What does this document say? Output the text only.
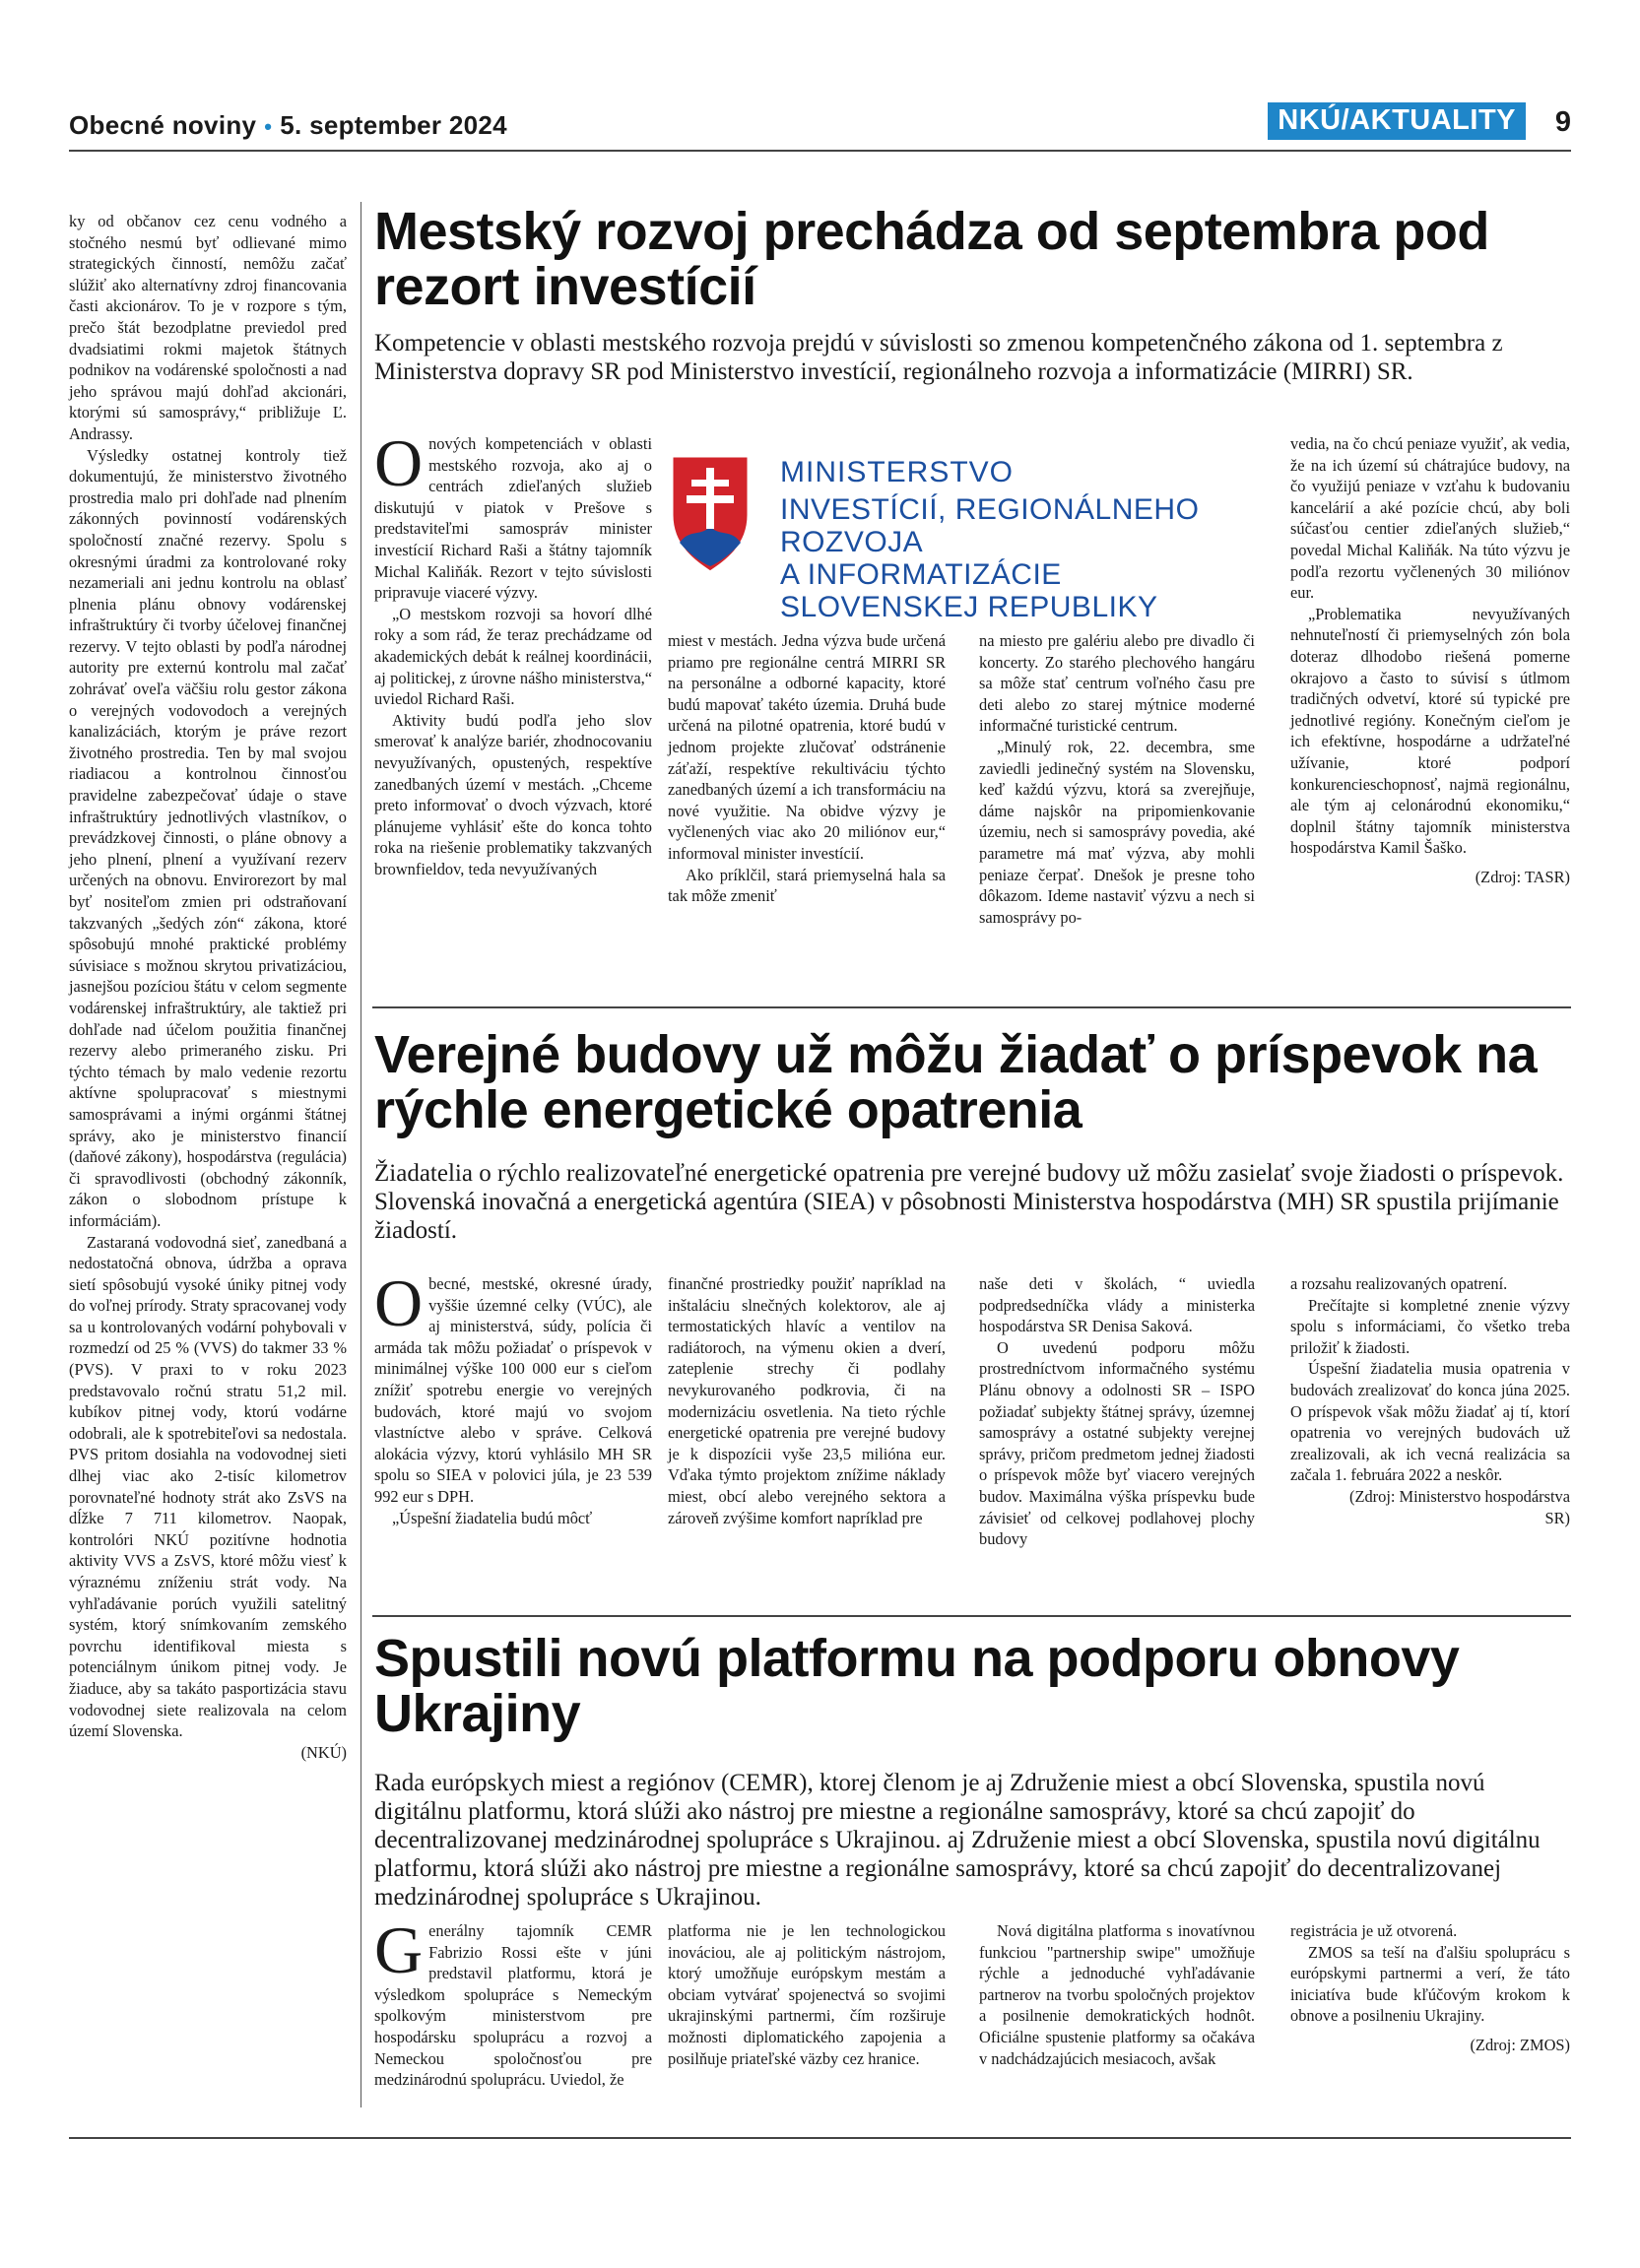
Obecné noviny • 5. september 2024	NKÚ/AKTUALITY	9

ky od občanov cez cenu vodného a stočného nesmú byť odlievané mimo strategických činností, nemôžu začať slúžiť ako alternatívny zdroj financovania časti akcionárov. To je v rozpore s tým, prečo štát bezodplatne previedol pred dvadsiatimi rokmi majetok štátnych podnikov na vodárenské spoločnosti a nad jeho správou majú dohľad akcionári, ktorými sú samosprávy,“ približuje Ľ. Andrassy.

Výsledky ostatnej kontroly tiež dokumentujú, že ministerstvo životného prostredia malo pri dohľade nad plnením zákonných povinností vodárenských spoločností značné rezervy. Spolu s okresnými úradmi za kontrolované roky nezameriali ani jednu kontrolu na oblasť plnenia plánu obnovy vodárenskej infraštruktúry či tvorby účelovej finančnej rezervy. V tejto oblasti by podľa národnej autority pre externú kontrolu mal začať zohrávať oveľa väčšiu rolu gestor zákona o verejných vodovodoch a verejných kanalizáciách, ktorým je práve rezort životného prostredia. Ten by mal svojou riadiacou a kontrolnou činnosťou pravidelne zabezpečovať údaje o stave infraštruktúry jednotlivých vlastníkov, o prevádzkovej činnosti, o pláne obnovy a jeho plnení, plnení a využívaní rezerv určených na obnovu. Envirorezort by mal byť nositeľom zmien pri odstraňovaní takzvaných „šedých zón“ zákona, ktoré spôsobujú mnohé praktické problémy súvisiace s možnou skrytou privatizáciou, jasnejšou pozíciou štátu v celom segmente vodárenskej infraštruktúry, ale taktiež pri dohľade nad účelom použitia finančnej rezervy alebo primeraného zisku. Pri týchto témach by malo vedenie rezortu aktívne spolupracovať s miestnymi samosprávami a inými orgánmi štátnej správy, ako je ministerstvo financií (daňové zákony), hospodárstva (regulácia) či spravodlivosti (obchodný zákonník, zákon o slobodnom prístupe k informáciám).

Zastaraná vodovodná sieť, zanedbaná a nedostatočná obnova, údržba a oprava sietí spôsobujú vysoké úniky pitnej vody do voľnej prírody. Straty spracovanej vody sa u kontrolovaných vodární pohybovali v rozmedzí od 25 % (VVS) do takmer 33 % (PVS). V praxi to v roku 2023 predstavovalo ročnú stratu 51,2 mil. kubíkov pitnej vody, ktorú vodárne odobrali, ale k spotrebiteľovi sa nedostala. PVS pritom dosiahla na vodovodnej sieti dlhej viac ako 2-tisíc kilometrov porovnateľné hodnoty strát ako ZsVS na dĺžke 7 711 kilometrov. Naopak, kontrolóri NKÚ pozitívne hodnotia aktivity VVS a ZsVS, ktoré môžu viesť k výraznému zníženiu strát vody. Na vyhľadávanie porúch využili satelitný systém, ktorý snímkovaním zemského povrchu identifikoval miesta s potenciálnym únikom pitnej vody. Je žiaduce, aby sa takáto pasportizácia stavu vodovodnej siete realizovala na celom území Slovenska.

(NKÚ)

Mestský rozvoj prechádza od septembra pod rezort investícií

Kompetencie v oblasti mestského rozvoja prejdú v súvislosti so zmenou kompetenčného zákona od 1. septembra z Ministerstva dopravy SR pod Ministerstvo investícií, regionálneho rozvoja a informatizácie (MIRRI) SR.

MINISTERSTVO
INVESTÍCIÍ, REGIONÁLNEHO ROZVOJA
A INFORMATIZÁCIE
SLOVENSKEJ REPUBLIKY

Onových kompetenciách v oblasti mestského rozvoja, ako aj o centrách zdieľaných služieb diskutujú v piatok v Prešove s predstaviteľmi samospráv minister investícií Richard Raši a štátny tajomník Michal Kaliňák. Rezort v tejto súvislosti pripravuje viaceré výzvy.

„O mestskom rozvoji sa hovorí dlhé roky a som rád, že teraz prechádzame od akademických debát k reálnej koordinácii, aj politickej, z úrovne nášho ministerstva,“ uviedol Richard Raši.

Aktivity budú podľa jeho slov smerovať k analýze bariér, zhodnocovaniu nevyužívaných, opustených, respektíve zanedbaných území v mestách. „Chceme preto informovať o dvoch výzvach, ktoré plánujeme vyhlásiť ešte do konca tohto roka na riešenie problematiky takzvaných brownfieldov, teda nevyužívaných

miest v mestách. Jedna výzva bude určená priamo pre regionálne centrá MIRRI SR na personálne a odborné kapacity, ktoré budú mapovať takéto územia. Druhá bude určená na pilotné opatrenia, ktoré budú v jednom projekte zlučovať odstránenie záťaží, respektíve rekultiváciu týchto zanedbaných území a ich transformáciu na nové využitie. Na obidve výzvy je vyčlenených viac ako 20 miliónov eur,“ informoval minister investícií.

Ako príklčil, stará priemyselná hala sa tak môže zmeniť

na miesto pre galériu alebo pre divadlo či koncerty. Zo starého plechového hangáru sa môže stať centrum voľného času pre deti alebo zo starej mýtnice moderné informačné turistické centrum.

„Minulý rok, 22. decembra, sme zaviedli jedinečný systém na Slovensku, keď každú výzvu, ktorá sa zverejňuje, dáme najskôr na pripomienkovanie územiu, nech si samosprávy povedia, aké parametre má mať výzva, aby mohli peniaze čerpať. Dnešok je presne toho dôkazom. Ideme nastaviť výzvu a nech si samosprávy po-

vedia, na čo chcú peniaze využiť, ak vedia, že na ich území sú chátrajúce budovy, na čo využijú peniaze v vzťahu k budovaniu kancelárií a aké pozície chcú, aby boli súčasťou centier zdieľaných služieb,“ povedal Michal Kaliňák. Na túto výzvu je podľa rezortu vyčlenených 30 miliónov eur.

„Problematika nevyužívaných nehnuteľností či priemyselných zón bola doteraz dlhodobo riešená pomerne okrajovo a často to súvisí s útlmom tradičných odvetví, ktoré sú typické pre jednotlivé regióny. Konečným cieľom je ich efektívne, hospodárne a udržateľné užívanie, ktoré podporí konkurencieschopnosť, najmä regionálnu, ale tým aj celonárodnú ekonomiku,“ doplnil štátny tajomník ministerstva hospodárstva Kamil Šaško.

(Zdroj: TASR)

Verejné budovy už môžu žiadať o príspevok na rýchle energetické opatrenia

Žiadatelia o rýchlo realizovateľné energetické opatrenia pre verejné budovy už môžu zasielať svoje žiadosti o príspevok. Slovenská inovačná a energetická agentúra (SIEA) v pôsobnosti Ministerstva hospodárstva (MH) SR spustila prijímanie žiadostí.

Obecné, mestské, okresné úrady, vyššie územné celky (VÚC), ale aj ministerstvá, súdy, polícia či armáda tak môžu požiadať o príspevok v minimálnej výške 100 000 eur s cieľom znížiť spotrebu energie vo verejných budovách, ktoré majú vo svojom vlastníctve alebo v správe. Celková alokácia výzvy, ktorú vyhlásilo MH SR spolu so SIEA v polovici júla, je 23 539 992 eur s DPH.

„Úspešní žiadatelia budú môcť

finančné prostriedky použiť napríklad na inštaláciu slnečných kolektorov, ale aj termostatických hlavíc a ventilov na radiátoroch, na výmenu okien a dverí, zateplenie strechy či podlahy nevykurovaného podkrovia, či na modernizáciu osvetlenia. Na tieto rýchle energetické opatrenia pre verejné budovy je k dispozícii vyše 23,5 milióna eur. Vďaka týmto projektom znížime náklady miest, obcí alebo verejného sektora a zároveň zvýšime komfort napríklad pre

naše deti v školách, “ uviedla podpredsedníčka vlády a ministerka hospodárstva SR Denisa Saková.

O uvedenú podporu môžu prostredníctvom informačného systému Plánu obnovy a odolnosti SR – ISPO požiadať subjekty štátnej správy, územnej samosprávy a ostatné subjekty verejnej správy, pričom predmetom jednej žiadosti o príspevok môže byť viacero verejných budov. Maximálna výška príspevku bude závisieť od celkovej podlahovej plochy budovy

a rozsahu realizovaných opatrení.

Prečítajte si kompletné znenie výzvy spolu s informáciami, čo všetko treba priložiť k žiadosti.

Úspešní žiadatelia musia opatrenia v budovách zrealizovať do konca júna 2025. O príspevok však môžu žiadať aj tí, ktorí opatrenia vo verejných budovách už zrealizovali, ak ich vecná realizácia sa začala 1. februára 2022 a neskôr.

(Zdroj: Ministerstvo hospodárstva SR)

Spustili novú platformu na podporu obnovy Ukrajiny

Rada európskych miest a regiónov (CEMR), ktorej členom je aj Združenie miest a obcí Slovenska, spustila novú digitálnu platformu, ktorá slúži ako nástroj pre miestne a regionálne samosprávy, ktoré sa chcú zapojiť do decentralizovanej medzinárodnej spolupráce s Ukrajinou. aj Združenie miest a obcí Slovenska, spustila novú digitálnu platformu, ktorá slúži ako nástroj pre miestne a regionálne samosprávy, ktoré sa chcú zapojiť do decentralizovanej medzinárodnej spolupráce s Ukrajinou.

Generálny tajomník CEMR Fabrizio Rossi ešte v júni predstavil platformu, ktorá je výsledkom spolupráce s Nemeckým spolkovým ministerstvom pre hospodársku spoluprácu a rozvoj a Nemeckou spoločnosťou pre medzinárodnú spoluprácu. Uviedol, že

platforma nie je len technologickou inováciou, ale aj politickým nástrojom, ktorý umožňuje európskym mestám a obciam vytvárať spojenectvá so svojimi ukrajinskými partnermi, čím rozširuje možnosti diplomatického zapojenia a posilňuje priateľské väzby cez hranice.

Nová digitálna platforma s inovatívnou funkciou "partnership swipe" umožňuje rýchle a jednoduché vyhľadávanie partnerov na tvorbu spoločných projektov a posilnenie demokratických hodnôt. Oficiálne spustenie platformy sa očakáva v nadchádzajúcich mesiacoch, avšak

registrácia je už otvorená.

ZMOS sa teší na ďalšiu spoluprácu s európskymi partnermi a verí, že táto iniciatíva bude kľúčovým krokom k obnove a posilneniu Ukrajiny.

(Zdroj: ZMOS)
